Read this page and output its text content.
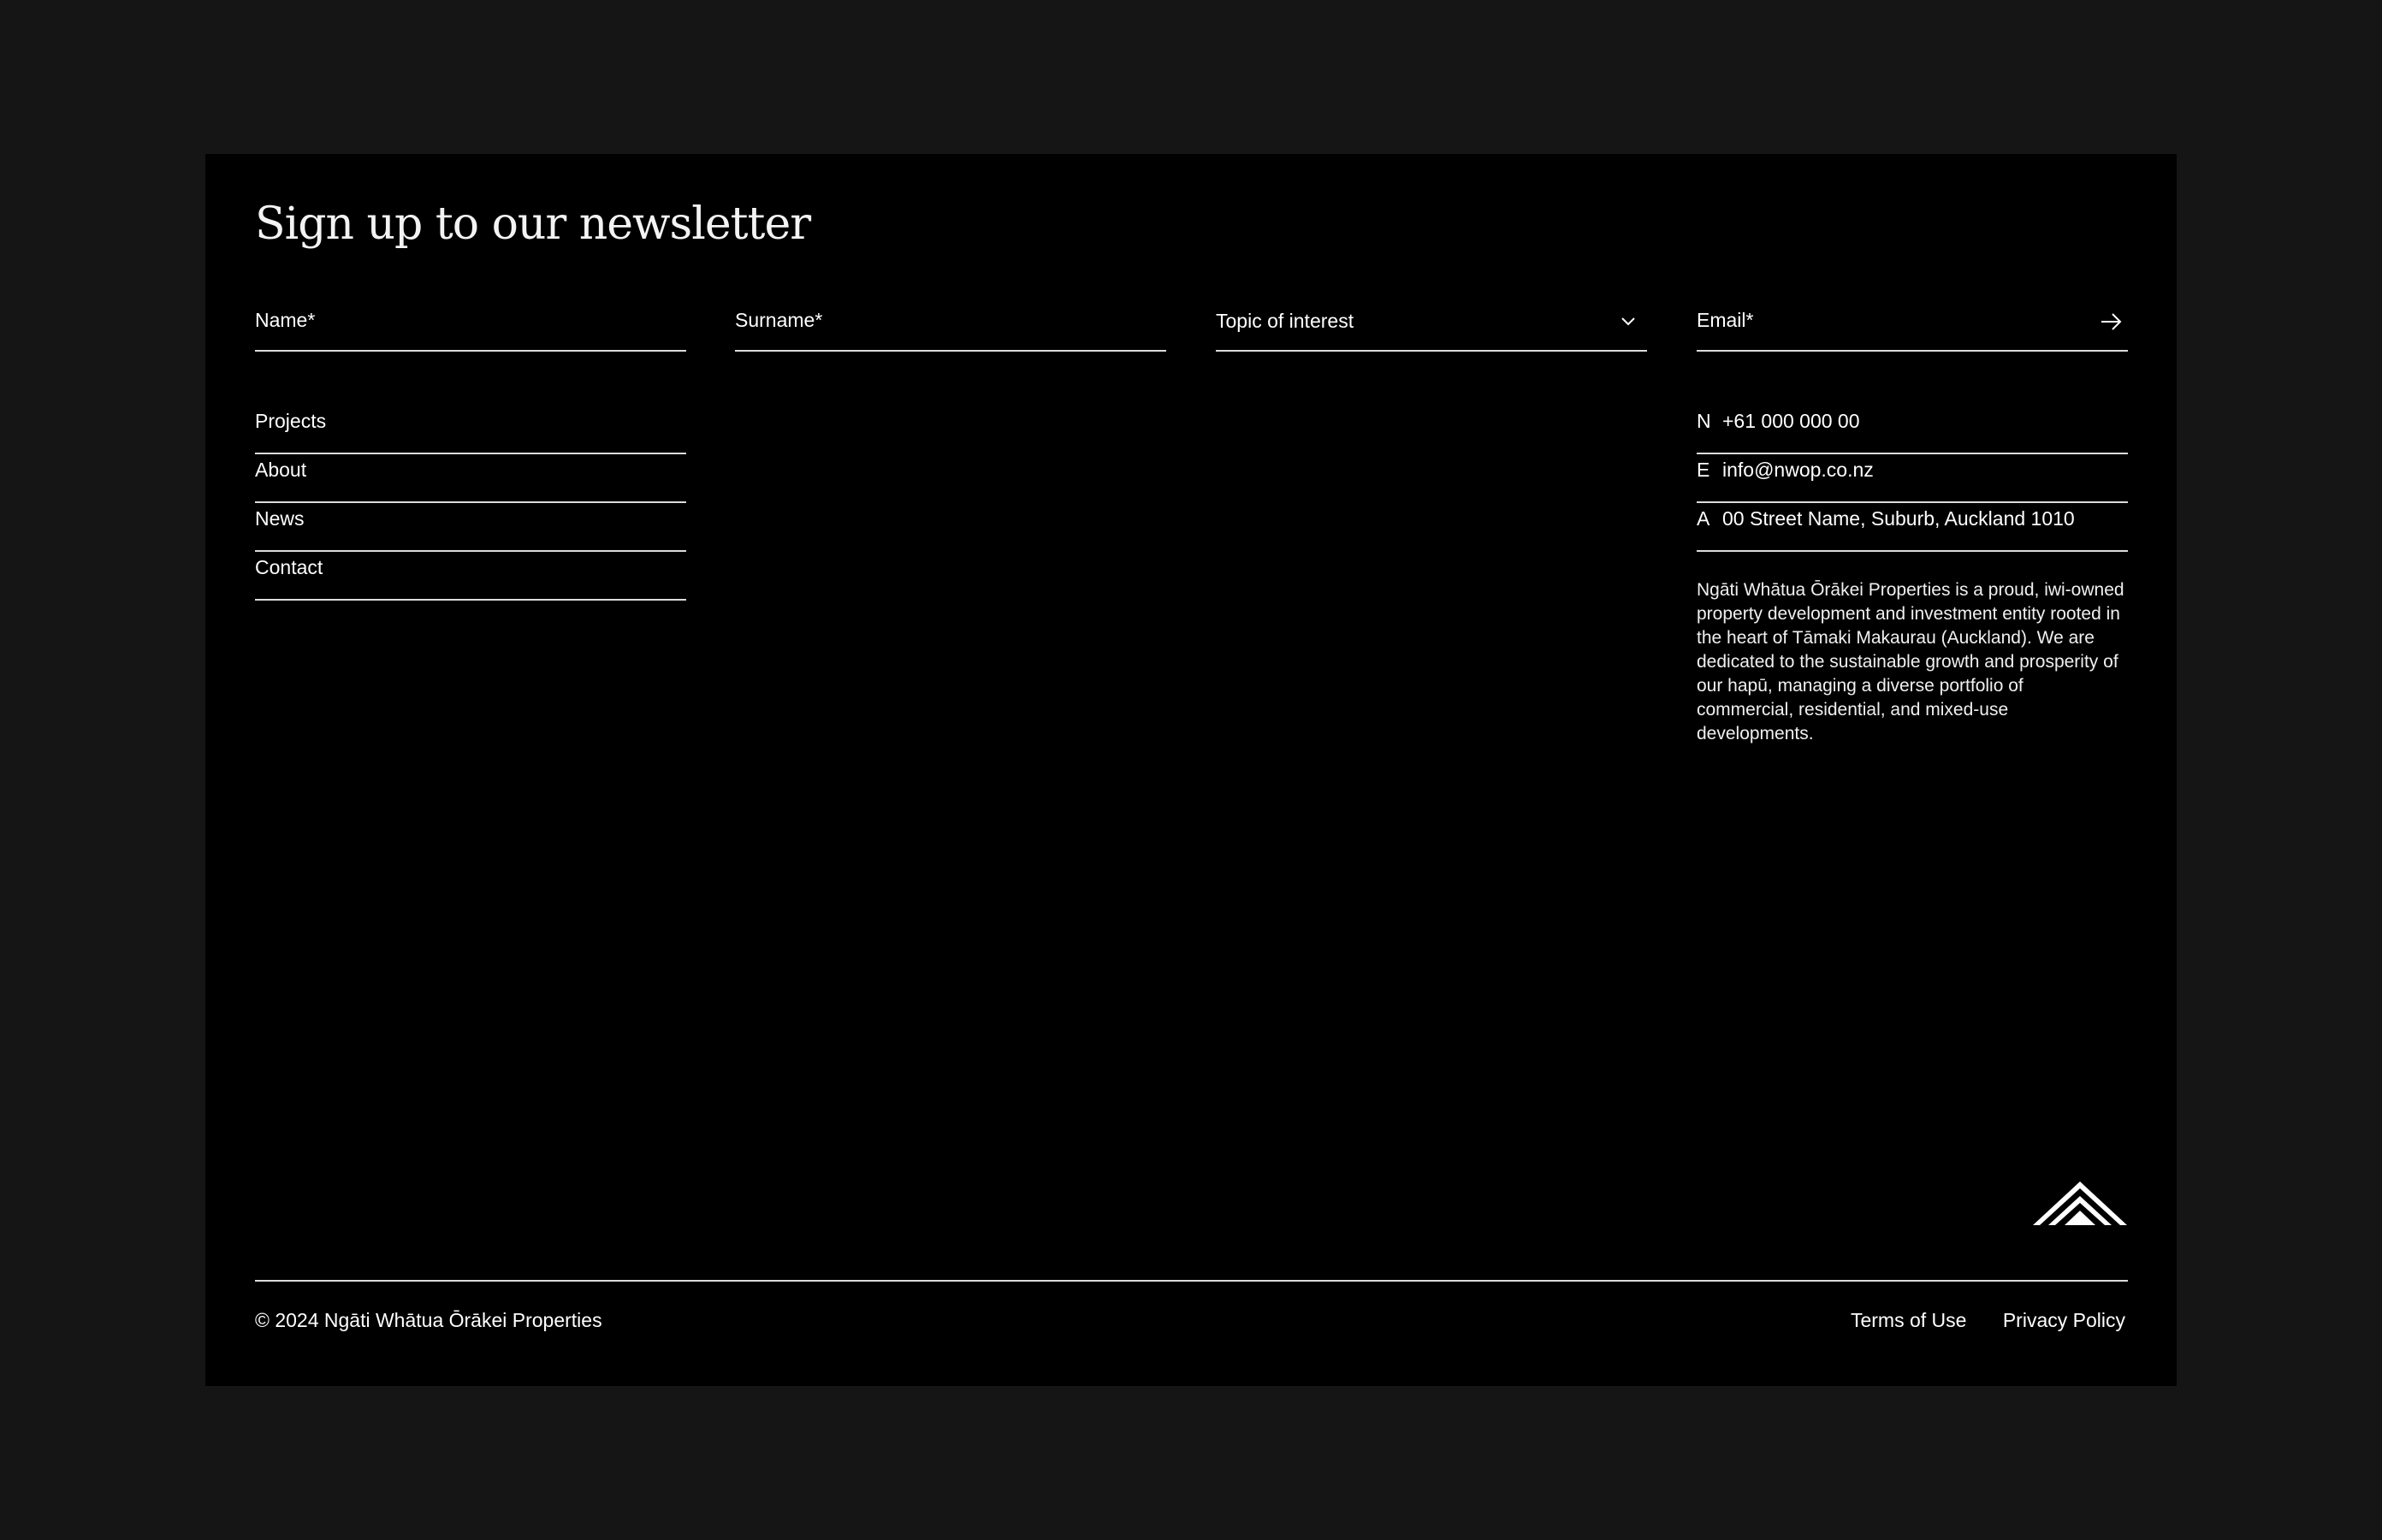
Sign up to our newsletter
Name*
Surname*
Topic of interest
Email*
Projects
About
News
Contact
N +61 000 000 00
E info@nwop.co.nz
A 00 Street Name, Suburb, Auckland 1010

Ngāti Whātua Ōrākei Properties is a proud, iwi-owned property development and investment entity rooted in the heart of Tāmaki Makaurau (Auckland). We are dedicated to the sustainable growth and prosperity of our hapū, managing a diverse portfolio of commercial, residential, and mixed-use developments.

© 2024 Ngāti Whātua Ōrākei Properties	Terms of Use Privacy Policy
